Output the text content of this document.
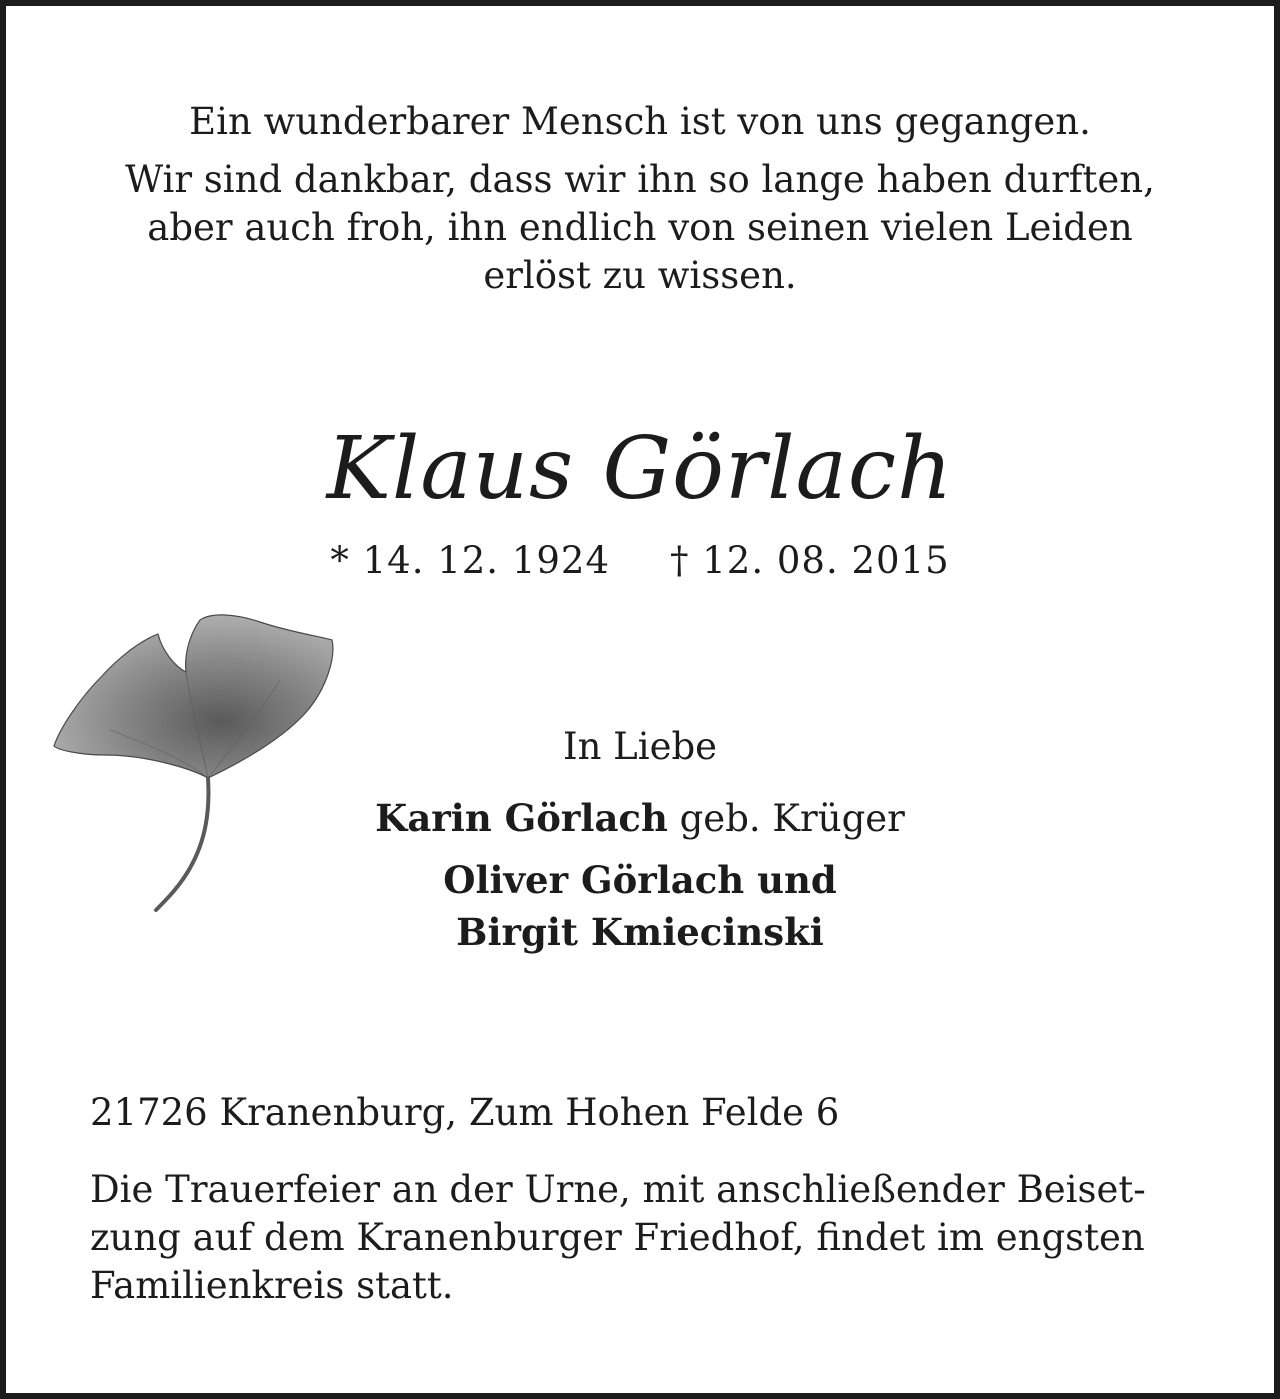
Ein wunderbarer Mensch ist von uns gegangen.
Wir sind dankbar, dass wir ihn so lange haben durften,
aber auch froh, ihn endlich von seinen vielen Leiden
erlöst zu wissen.
Klaus Görlach
* 14. 12. 1924 † 12. 08. 2015
In Liebe
Karin Görlach geb. Krüger
Oliver Görlach und
Birgit Kmiecinski
21726 Kranenburg, Zum Hohen Felde 6
Die Trauerfeier an der Urne, mit anschließender Beiset-
zung auf dem Kranenburger Friedhof, findet im engsten
Familienkreis statt.
